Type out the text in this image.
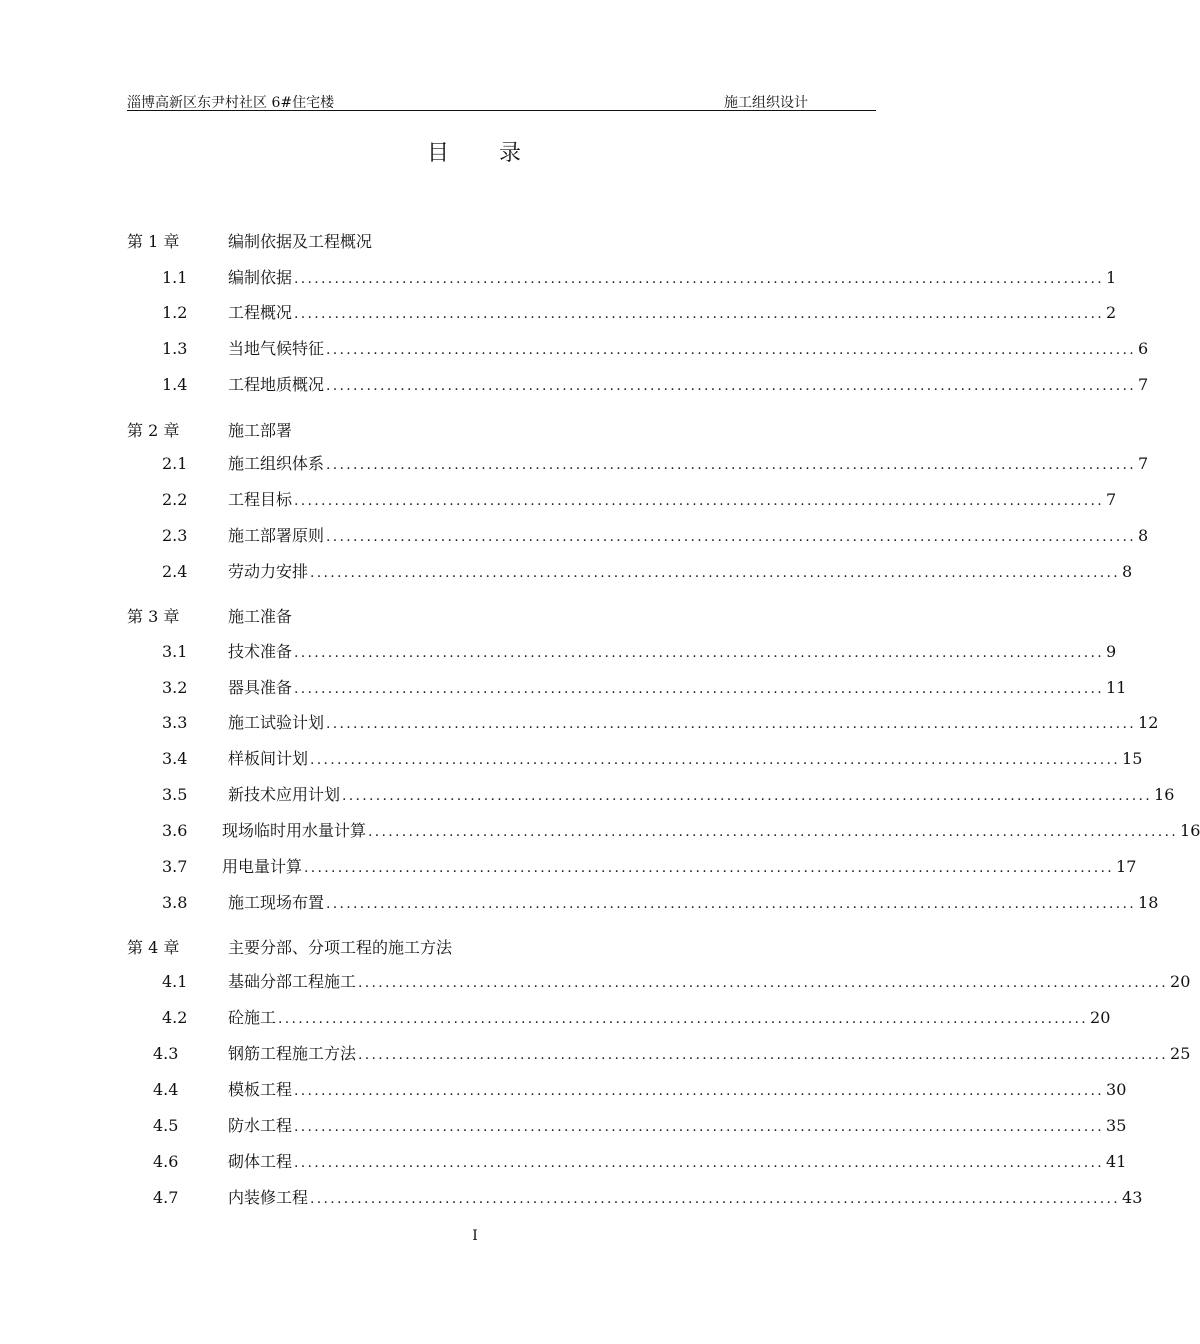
淄博高新区东尹村社区 6#住宅楼	施工组织设计
目 录
第 1 章	编制依据及工程概况
1.1	编制依据 ........................................................................................................................ 1
1.2	工程概况 ........................................................................................................................ 2
1.3	当地气候特征 ........................................................................................................................ 6
1.4	工程地质概况 ........................................................................................................................ 7
第 2 章	施工部署
2.1	施工组织体系 ........................................................................................................................ 7
2.2	工程目标 ........................................................................................................................ 7
2.3	施工部署原则 ........................................................................................................................ 8
2.4	劳动力安排 ........................................................................................................................ 8
第 3 章	施工准备
3.1	技术准备 ........................................................................................................................ 9
3.2	器具准备 ........................................................................................................................ 11
3.3	施工试验计划 ........................................................................................................................ 12
3.4	样板间计划 ........................................................................................................................ 15
3.5	新技术应用计划 ........................................................................................................................ 16
3.6 现场临时用水量计算 ........................................................................................................................ 16
3.7 用电量计算 ........................................................................................................................ 17
3.8	施工现场布置 ........................................................................................................................ 18
第 4 章	主要分部、分项工程的施工方法
4.1	基础分部工程施工 ........................................................................................................................ 20
4.2	砼施工 ........................................................................................................................ 20
4.3	钢筋工程施工方法 ........................................................................................................................ 25
4.4	模板工程 ........................................................................................................................ 30
4.5	防水工程 ........................................................................................................................ 35
4.6	砌体工程 ........................................................................................................................ 41
4.7	内装修工程 ........................................................................................................................ 43
I
